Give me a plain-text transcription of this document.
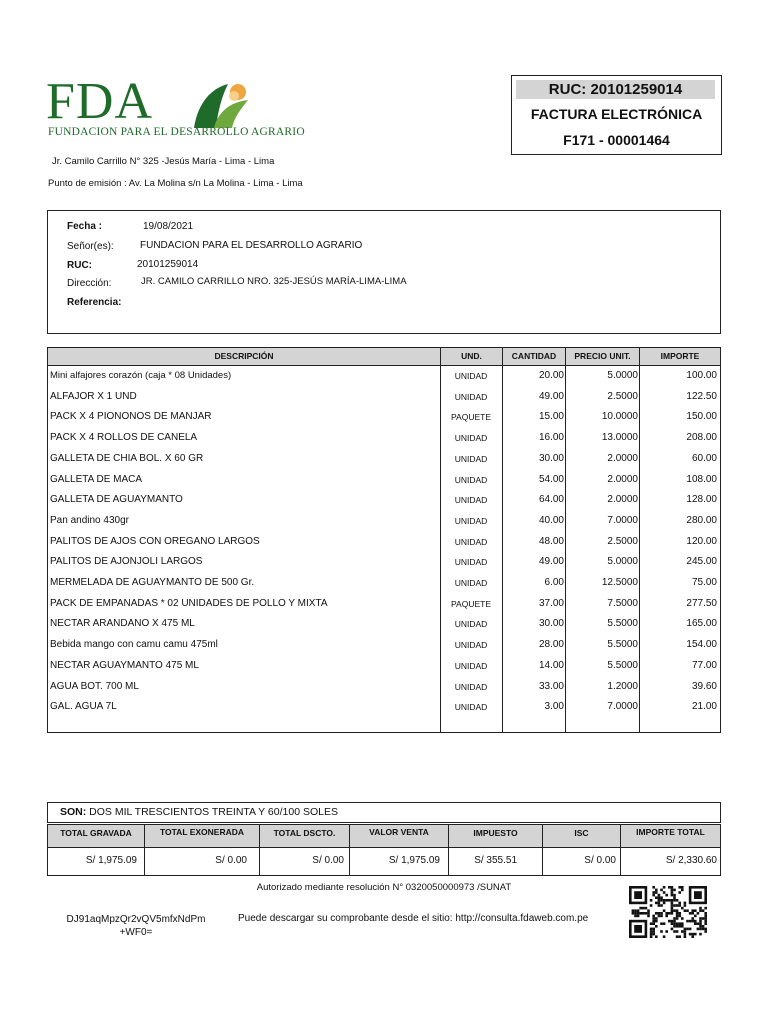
FDA
FUNDACION PARA EL DESARROLLO AGRARIO
Jr. Camilo Carrillo N° 325 -Jesús María - Lima - Lima
Punto de emisión : Av. La Molina s/n La Molina - Lima - Lima
RUC: 20101259014
FACTURA ELECTRÓNICA
F171 - 00001464
Fecha :	19/08/2021
Señor(es):	FUNDACION PARA EL DESARROLLO AGRARIO
RUC:	20101259014
Dirección:	JR. CAMILO CARRILLO NRO. 325-JESÚS MARÍA-LIMA-LIMA
Referencia:
DESCRIPCIÓN	UND.	CANTIDAD	PRECIO UNIT.	IMPORTE
Mini alfajores corazón (caja * 08 Unidades)	UNIDAD	20.00	5.0000	100.00
ALFAJOR X 1 UND	UNIDAD	49.00	2.5000	122.50
PACK X 4 PIONONOS DE MANJAR	PAQUETE	15.00	10.0000	150.00
PACK X 4 ROLLOS DE CANELA	UNIDAD	16.00	13.0000	208.00
GALLETA DE CHIA BOL. X 60 GR	UNIDAD	30.00	2.0000	60.00
GALLETA DE MACA	UNIDAD	54.00	2.0000	108.00
GALLETA DE AGUAYMANTO	UNIDAD	64.00	2.0000	128.00
Pan andino 430gr	UNIDAD	40.00	7.0000	280.00
PALITOS DE AJOS CON OREGANO LARGOS	UNIDAD	48.00	2.5000	120.00
PALITOS DE AJONJOLI LARGOS	UNIDAD	49.00	5.0000	245.00
MERMELADA DE AGUAYMANTO DE 500 Gr.	UNIDAD	6.00	12.5000	75.00
PACK DE EMPANADAS * 02 UNIDADES DE POLLO Y MIXTA	PAQUETE	37.00	7.5000	277.50
NECTAR ARANDANO X 475 ML	UNIDAD	30.00	5.5000	165.00
Bebida mango con camu camu 475ml	UNIDAD	28.00	5.5000	154.00
NECTAR AGUAYMANTO 475 ML	UNIDAD	14.00	5.5000	77.00
AGUA BOT. 700 ML	UNIDAD	33.00	1.2000	39.60
GAL. AGUA 7L	UNIDAD	3.00	7.0000	21.00
SON: DOS MIL TRESCIENTOS TREINTA Y 60/100 SOLES
TOTAL GRAVADA	TOTAL EXONERADA	TOTAL DSCTO.	VALOR VENTA	IMPUESTO	ISC	IMPORTE TOTAL
S/ 1,975.09	S/ 0.00	S/ 0.00	S/ 1,975.09	S/ 355.51	S/ 0.00	S/ 2,330.60
Autorizado mediante resolución N° 0320050000973 /SUNAT
DJ91aqMpzQr2vQV5mfxNdPm
+WF0=
Puede descargar su comprobante desde el sitio: http://consulta.fdaweb.com.pe
